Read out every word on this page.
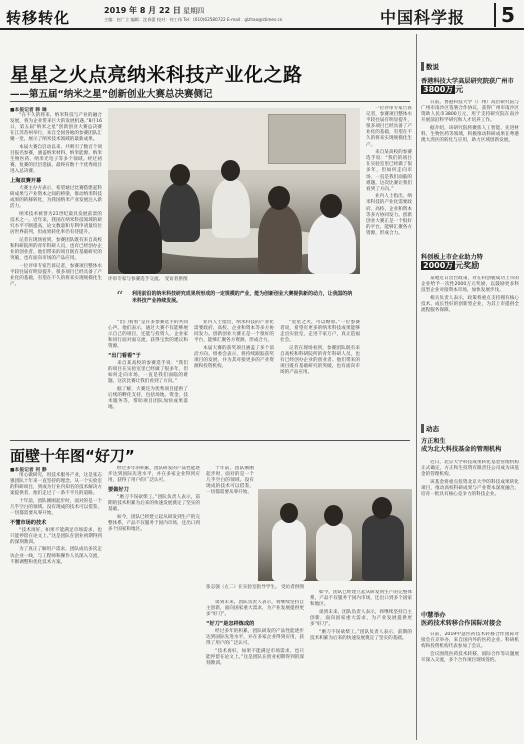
转移转化	2019 年 8 月 22 日 星期四
主编：赵广立 编辑：沈春蕾 校对：何工伟 Tel：(010)62580722 E-mail：glzhao@stimes.cn	中国科学报	5
星星之火点亮纳米科技产业化之路
——第五届“纳米之星”创新创业大赛总决赛侧记
■本报记者 韩 琳

“在不久的将来，纳米科技与产业的融合发展，将为企业带来巨大的发展机遇。”8月16日，第五届“纳米之星”创新创业大赛总决赛在江苏苏州举行，来自全国各地的参赛团队汇聚一堂，展示了纳米技术领域的最新成果。

本届大赛自启动以来，共吸引了数百个项目报名参赛，涵盖纳米材料、纳米能源、纳米生物医药、纳米光电子等多个领域。经过初赛、复赛的层层选拔，最终有数十个优秀项目进入总决赛。

上海双赛开幕

大赛主办方表示，希望通过比赛搭建起科研成果与产业资本之间的桥梁，推动纳米科技成果的转移转化，为我国纳米产业发展注入新活力。

纳米技术被誉为21世纪最具发展前景的技术之一。近年来，我国在纳米科技领域的研究水平不断提高，论文数量和专利申请量均位居世界前列，但成果转化率仍有待提升。

记者在现场看到，参赛团队既有来自高校和科研院所的青年科研人员，也有已经创办企业的创业者。他们带来的项目既有基础研究的突破，也有面向市场的产品应用。

一位评审专家告诉记者，参赛项目整体水平较往届有明显提升，很多项目已经具备了产业化的基础，有望在不久的将来实现规模化生产。

评审专家与参赛选手交流。 受访者供图
“ 利用前沿的纳米科技研究成果所形成的一定规模的产业，能为创新创业大赛提供新的动力，让我国的纳米科技产业持续发展。

“出门看看”是许多参赛选手的共同心声。他们表示，通过大赛不仅能够展示自己的项目，还能与投资人、企业家和同行面对面交流，获得宝贵的建议和资源。

“出门看看”于

来自某高校的参赛选手说：“我们的项目在实验室里已经做了很多年，但如何走向市场，一直是我们面临的难题。这次比赛让我们看到了方向。”

据了解，大赛还为优秀项目提供了后续的孵化支持，包括场地、资金、技术服务等，帮助项目团队加快成果落地。

业内人士指出，纳米科技的产业化需要政府、高校、企业和资本等多方协同发力。创新创业大赛正是一个很好的平台，能够汇聚各方资源，形成合力。

本届大赛的获奖项目涵盖了多个前沿方向。组委会表示，将持续跟踪获奖项目的发展，并为其对接更多的产业资源和投资机构。

“星星之火，可以燎原。”一位参赛者说，希望有更多的纳米科技成果能够走出实验室，走进千家万户，真正造福社会。

记者在现场看到，参赛团队既有来自高校和科研院所的青年科研人员，也有已经创办企业的创业者。他们带来的项目既有基础研究的突破，也有面向市场的产品应用。

一位评审专家告诉记者，参赛项目整体水平较往届有明显提升，很多项目已经具备了产业化的基础，有望在不久的将来实现规模化生产。

来自某高校的参赛选手说：“我们的项目在实验室里已经做了很多年，但如何走向市场，一直是我们面临的难题。这次比赛让我们看到了方向。”

业内人士指出，纳米科技的产业化需要政府、高校、企业和资本等多方协同发力。创新创业大赛正是一个很好的平台，能够汇聚各方资源，形成合力。

面壁十年图“好刀”
■本报记者 何 静

用心做研究，用技术服务产业，这是张志强团队十年来一直坚持的理念。从一个实验室的科研项目，到成为行业内知名的技术解决方案提供者，他们走过了一条不平凡的道路。

十年前，团队刚刚起步时，面对的是一个几乎空白的领域。没有现成的技术可以借鉴，一切都需要从零开始。

不懂市场的技术

“技术再好，如果不能满足市场需求，也只能停留在论文上。”这是团队在创业初期得到的深刻教训。

为了真正了解用户需求，团队成员多次走访企业一线，与工程师和操作人员深入交流，不断调整和优化技术方案。

经过多年的积累，团队研发的产品性能逐步达到国际先进水平，并在多家企业得到应用，获得了用户的广泛认可。

要做好刀

“磨刀不误砍柴工。”团队负责人表示，前期的技术积累为后来的快速发展奠定了坚实的基础。

如今，团队已经建立起从研发到生产的完整体系，产品不仅服务于国内市场，还出口到多个国家和地区。

十年前，团队刚刚起步时，面对的是一个几乎空白的领域。没有现成的技术可以借鉴，一切都需要从零开始。

张志强（左二）在实验室指导学生。 受访者供图

谈到未来，团队负责人表示，将继续坚持自主创新，面向国家重大需求，为产业发展提供更多“好刀”。

“好刀”是怎样炼成的

经过多年的积累，团队研发的产品性能逐步达到国际先进水平，并在多家企业得到应用，获得了用户的广泛认可。

“技术再好，如果不能满足市场需求，也只能停留在论文上。”这是团队在创业初期得到的深刻教训。

如今，团队已经建立起从研发到生产的完整体系，产品不仅服务于国内市场，还出口到多个国家和地区。

谈到未来，团队负责人表示，将继续坚持自主创新，面向国家重大需求，为产业发展提供更多“好刀”。

“磨刀不误砍柴工。”团队负责人表示，前期的技术积累为后来的快速发展奠定了坚实的基础。

数说
香港科技大学高层研究院获广州市
3800万 元

日前，香港科技大学（广州）高层研究院与广州市南沙区签署合作协议，获得广州市南沙区资助人民币3800万元，用于支持研究院在南沙开展前沿科学研究和人才培养工作。

据介绍，该研究院将聚焦人工智能、先进材料、生物医药等领域，积极推动科研成果在粤港澳大湾区的转化与应用，助力区域创新发展。

科创板上市企业助力特
2000万 元奖励

某地近日出台政策，对在科创板成功上市的企业给予一次性2000万元奖励，以鼓励更多科技型企业对接资本市场，加快发展步伐。

相关负责人表示，政策将重点支持拥有核心技术、成长性好的创新型企业，为其上市提供全流程服务保障。

动态
方正和生
成为北大科技基金的管理机构

近日，北京大学科技成果转化基金管理机构正式确定，方正和生投资有限责任公司成为该基金的管理机构。

该基金将重点投资北京大学的科技成果转化项目，推动高校科研成果与产业资本深度融合，培育一批具有核心竞争力的科技企业。

中慧举办
医药技术转移合作国际对接会

日前，2019中慧医药技术转移合作国际对接会在京举办，来自国内外的医药企业、科研机构和投资机构代表参加了会议。

会议围绕医药技术转移、国际合作等议题展开深入交流，多个合作项目现场签约。
